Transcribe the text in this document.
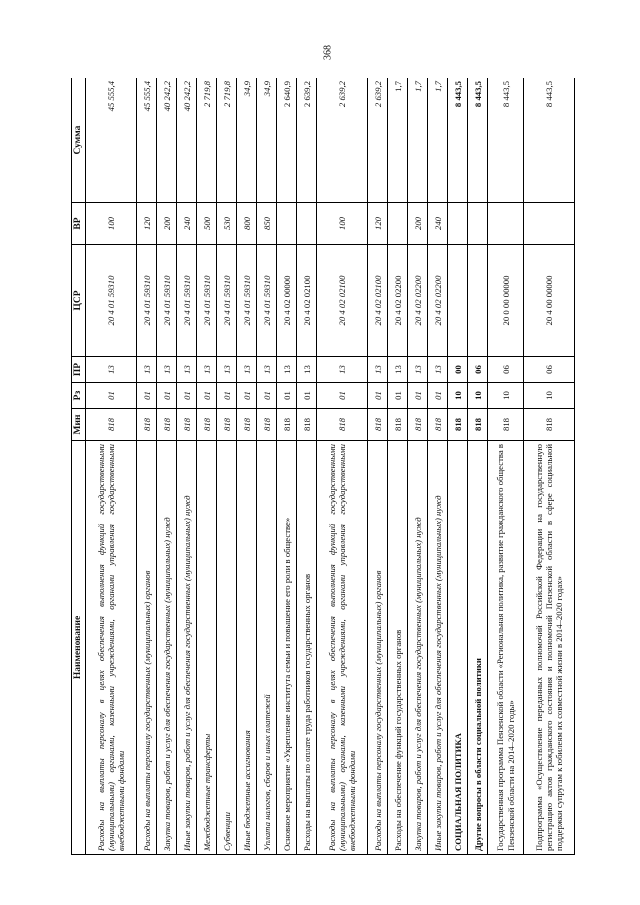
368
Наименование	Мин	Рз	ПР	ЦСР	ВР	Сумма
Расходы на выплаты персоналу в целях обеспечения выполнения функций государственными (муниципальными) органами, казенными учреждениями, органами управления государственными внебюджетными фондами	818	01	13	20 4 01 59310	100	45 555,4
Расходы на выплаты персоналу государственных (муниципальных) органов	818	01	13	20 4 01 59310	120	45 555,4
Закупка товаров, работ и услуг для обеспечения государственных (муниципальных) нужд	818	01	13	20 4 01 59310	200	40 242,2
Иные закупки товаров, работ и услуг для обеспечения государственных (муниципальных) нужд	818	01	13	20 4 01 59310	240	40 242,2
Межбюджетные трансферты	818	01	13	20 4 01 59310	500	2 719,8
Субвенции	818	01	13	20 4 01 59310	530	2 719,8
Иные бюджетные ассигнования	818	01	13	20 4 01 59310	800	34,9
Уплата налогов, сборов и иных платежей	818	01	13	20 4 01 59310	850	34,9
Основное мероприятие «Укрепление института семьи и повышение его роли в обществе»	818	01	13	20 4 02 00000		2 640,9
Расходы на выплаты по оплате труда работников государственных органов	818	01	13	20 4 02 02100		2 639,2
Расходы на выплаты персоналу в целях обеспечения выполнения функций государственными (муниципальными) органами, казенными учреждениями, органами управления государственными внебюджетными фондами	818	01	13	20 4 02 02100	100	2 639,2
Расходы на выплаты персоналу государственных (муниципальных) органов	818	01	13	20 4 02 02100	120	2 639,2
Расходы на обеспечение функций государственных органов	818	01	13	20 4 02 02200		1,7
Закупка товаров, работ и услуг для обеспечения государственных (муниципальных) нужд	818	01	13	20 4 02 02200	200	1,7
Иные закупки товаров, работ и услуг для обеспечения государственных (муниципальных) нужд	818	01	13	20 4 02 02200	240	1,7
СОЦИАЛЬНАЯ ПОЛИТИКА	818	10	00			8 443,5
Другие вопросы в области социальной политики	818	10	06			8 443,5
Государственная программа Пензенской области «Региональная политика, развитие гражданского общества в Пензенской области на 2014–2020 годы»	818	10	06	20 0 00 00000		8 443,5
Подпрограмма «Осуществление переданных полномочий Российской Федерации на государственную регистрацию актов гражданского состояния и полномочий Пензенской области в сфере социальной поддержки супругам к юбилеям их совместной жизни в 2014–2020 годах»	818	10	06	20 4 00 00000		8 443,5
